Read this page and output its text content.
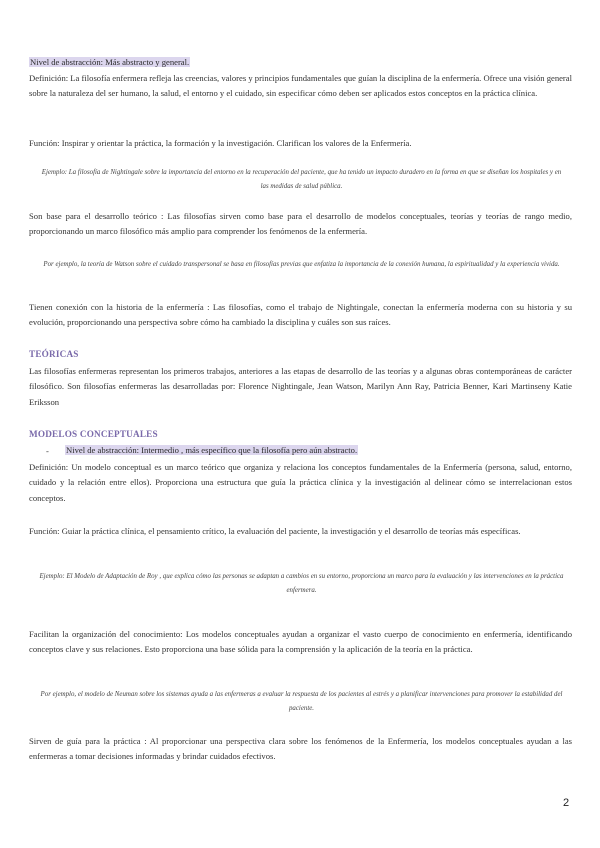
Nivel de abstracción: Más abstracto y general.

Definición: La filosofía enfermera refleja las creencias, valores y principios fundamentales que guían la disciplina de la enfermería. Ofrece una visión general sobre la naturaleza del ser humano, la salud, el entorno y el cuidado, sin especificar cómo deben ser aplicados estos conceptos en la práctica clínica.

Función: Inspirar y orientar la práctica, la formación y la investigación. Clarifican los valores de la Enfermería.

Ejemplo: La filosofía de Nightingale sobre la importancia del entorno en la recuperación del paciente, que ha tenido un impacto duradero en la forma en que se diseñan los hospitales y en las medidas de salud pública.

Son base para el desarrollo teórico : Las filosofías sirven como base para el desarrollo de modelos conceptuales, teorías y teorías de rango medio, proporcionando un marco filosófico más amplio para comprender los fenómenos de la enfermería.

Por ejemplo, la teoría de Watson sobre el cuidado transpersonal se basa en filosofías previas que enfatiza la importancia de la conexión humana, la espiritualidad y la experiencia vivida.

Tienen conexión con la historia de la enfermería : Las filosofías, como el trabajo de Nightingale, conectan la enfermería moderna con su historia y su evolución, proporcionando una perspectiva sobre cómo ha cambiado la disciplina y cuáles son sus raíces.

TEÓRICAS

Las filosofías enfermeras representan los primeros trabajos, anteriores a las etapas de desarrollo de las teorías y a algunas obras contemporáneas de carácter filosófico. Son filosofías enfermeras las desarrolladas por: Florence Nightingale, Jean Watson, Marilyn Ann Ray, Patricia Benner, Kari Martinseny Katie Eriksson

MODELOS CONCEPTUALES

- Nivel de abstracción: Intermedio , más específico que la filosofía pero aún abstracto.

Definición: Un modelo conceptual es un marco teórico que organiza y relaciona los conceptos fundamentales de la Enfermería (persona, salud, entorno, cuidado y la relación entre ellos). Proporciona una estructura que guía la práctica clínica y la investigación al delinear cómo se interrelacionan estos conceptos.

Función: Guiar la práctica clínica, el pensamiento crítico, la evaluación del paciente, la investigación y el desarrollo de teorías más específicas.

Ejemplo: El Modelo de Adaptación de Roy , que explica cómo las personas se adaptan a cambios en su entorno, proporciona un marco para la evaluación y las intervenciones en la práctica enfermera.

Facilitan la organización del conocimiento: Los modelos conceptuales ayudan a organizar el vasto cuerpo de conocimiento en enfermería, identificando conceptos clave y sus relaciones. Esto proporciona una base sólida para la comprensión y la aplicación de la teoría en la práctica.

Por ejemplo, el modelo de Neuman sobre los sistemas ayuda a las enfermeras a evaluar la respuesta de los pacientes al estrés y a planificar intervenciones para promover la estabilidad del paciente.

Sirven de guía para la práctica : Al proporcionar una perspectiva clara sobre los fenómenos de la Enfermería, los modelos conceptuales ayudan a las enfermeras a tomar decisiones informadas y brindar cuidados efectivos.

2
